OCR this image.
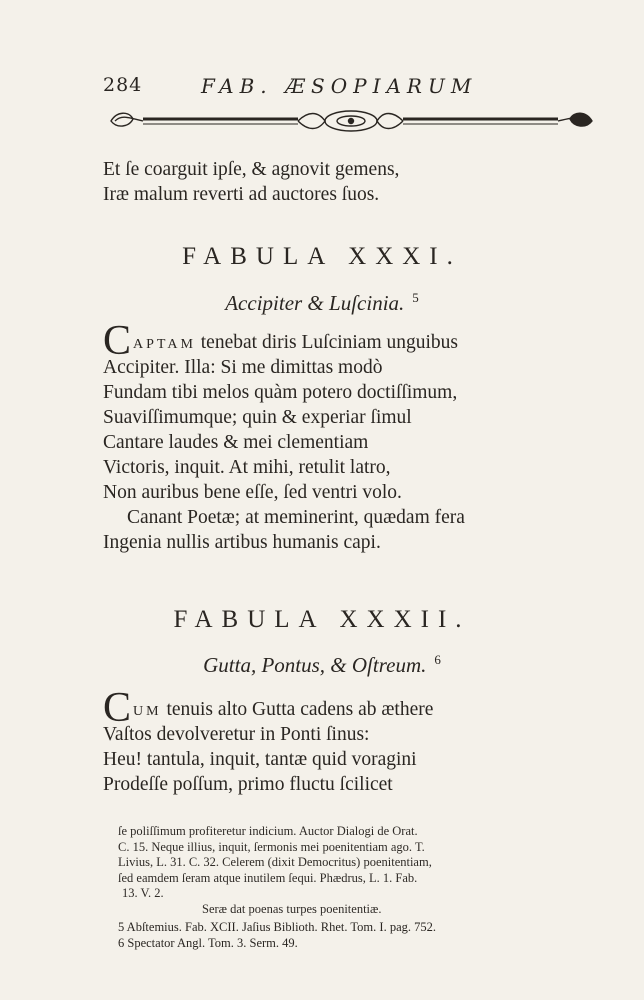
284	FAB. ÆSOPIARUM
Et ſe coarguit ipſe, & agnovit gemens,
Iræ malum reverti ad auctores ſuos.
FABULA XXXI.
Accipiter & Luſcinia. $^5$
C APTAM tenebat diris Luſciniam unguibus
Accipiter. Illa: Si me dimittas modò
Fundam tibi melos quàm potero doctiſſimum,
Suaviſſimumque; quin & experiar ſimul
Cantare laudes & mei clementiam
Victoris, inquit. At mihi, retulit latro,
Non auribus bene eſſe, ſed ventri volo.
Canant Poetæ; at meminerint, quædam fera
Ingenia nullis artibus humanis capi.
FABULA XXXII.
Gutta, Pontus, & Oſtreum. $^6$
C UM tenuis alto Gutta cadens ab æthere
Vaſtos devolveretur in Ponti ſinus:
Heu! tantula, inquit, tantæ quid voragini
Prodeſſe poſſum, primo fluctu ſcilicet
ſe poliſſimum profiteretur indicium. Auctor Dialogi de Orat.
C. 15. Neque illius, inquit, ſermonis mei poenitentiam ago. T.
Livius, L. 31. C. 32. Celerem (dixit Democritus) poenitentiam,
ſed eamdem ſeram atque inutilem ſequi. Phædrus, L. 1. Fab.
13. V. 2.
Seræ dat poenas turpes poenitentiæ.
5 Abſtemius. Fab. XCII. Jaſius Biblioth. Rhet. Tom. I. pag. 752.
6 Spectator Angl. Tom. 3. Serm. 49.
